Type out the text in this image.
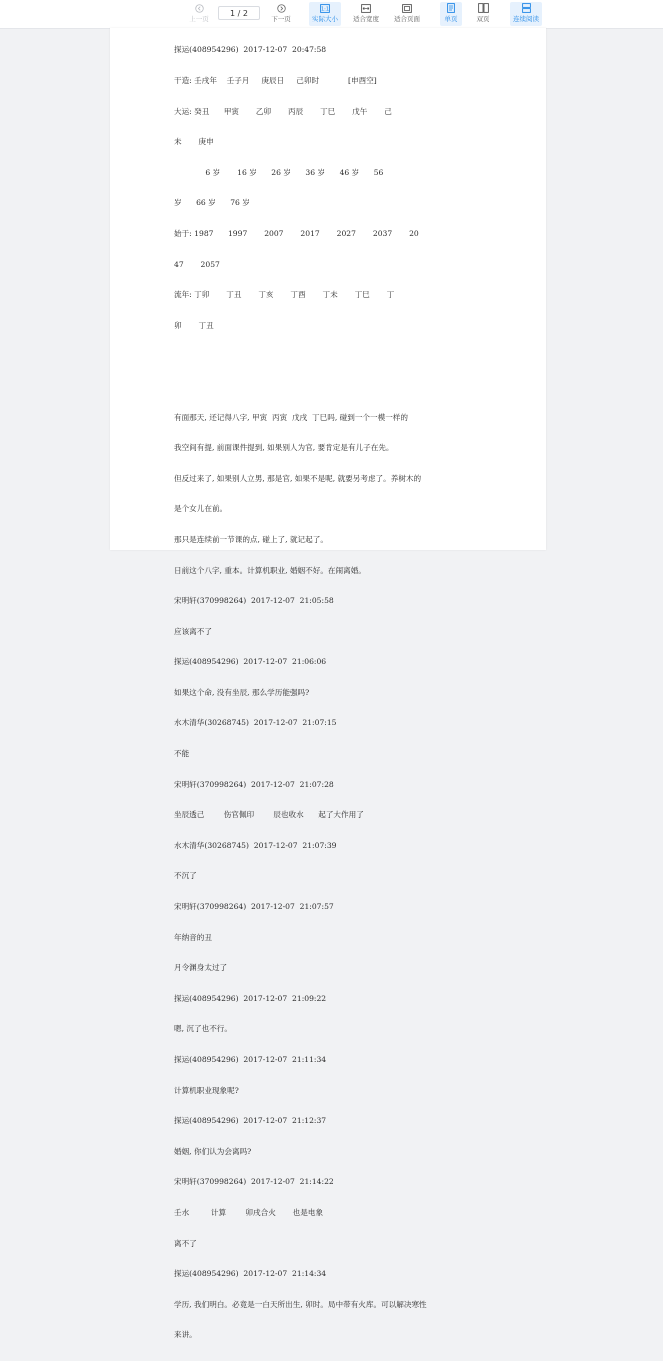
上一页
1 / 2
下一页
1:1
实际大小 适合宽度 适合页面	单页	双页	连续阅读

探运(408954296)  2017-12-07  20:47:58

干造: 壬戌年    壬子月     庚辰日     己卯时            [申酉空]

大运: 癸丑      甲寅       乙卯       丙辰       丁巳       戊午       己

未       庚申

6 岁       16 岁      26 岁      36 岁      46 岁      56

岁      66 岁      76 岁

始于: 1987      1997       2007       2017       2027       2037       20

47       2057

流年: 丁卯       丁丑       丁亥       丁酉       丁未       丁巳       丁

卯       丁丑

有面那天, 还记得八字, 甲寅  丙寅  戊戌  丁巳吗, 碰到一个一模一样的

我空间有提, 前面课件提到, 如果别人为官, 要肯定是有儿子在先。

但反过来了, 如果别人立男, 那是官, 如果不是呢, 就要另考虑了。养树木的

是个女儿在前。

那只是连续前一节课的点, 碰上了, 就记起了。

日前这个八字, 重本。计算机职业, 婚姻不好。在闹离婚。

宋明轩(370998264)  2017-12-07  21:05:58

应该离不了

探运(408954296)  2017-12-07  21:06:06

如果这个命, 没有坐辰, 那么学历能强吗?

水木清华(30268745)  2017-12-07  21:07:15

不能

宋明轩(370998264)  2017-12-07  21:07:28

坐辰透己        伤官佩印        辰也收水      起了大作用了

水木清华(30268745)  2017-12-07  21:07:39

不沉了

宋明轩(370998264)  2017-12-07  21:07:57

年纳音的丑

月令渊身太过了

探运(408954296)  2017-12-07  21:09:22

嗯, 沉了也不行。

探运(408954296)  2017-12-07  21:11:34

计算机职业现象呢?

探运(408954296)  2017-12-07  21:12:37

婚姻, 你们认为会离吗?

宋明轩(370998264)  2017-12-07  21:14:22

壬水         计算        卯戌合火       也是电象

离不了

探运(408954296)  2017-12-07  21:14:34

学历, 我们明白。必竟是一白天所出生, 卯时。局中带有火库。可以解决寒性

来讲。
